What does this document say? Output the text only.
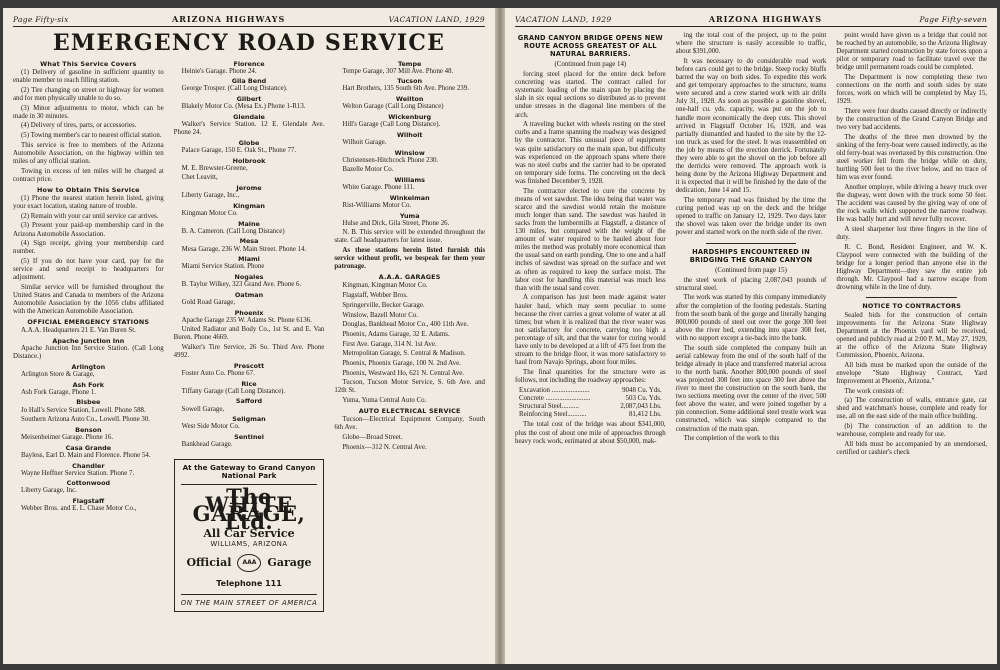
Page Fifty-six	ARIZONA HIGHWAYS	VACATION LAND, 1929
EMERGENCY ROAD SERVICE
What This Service Covers

(1) Delivery of gasoline in sufficient quantity to enable member to reach filling station.

(2) Tire changing on street or highway for women and for men physically unable to do so.

(3) Minor adjustments to motor, which can be made in 30 minutes.

(4) Delivery of tires, parts, or accessories.

(5) Towing member's car to nearest official station.

This service is free to members of the Arizona Automobile Association, on the highway within ten miles of any official station.

Towing in excess of ten miles will be charged at contract price.

How to Obtain This Service

(1) Phone the nearest station herein listed, giving your exact location, stating nature of trouble.

(2) Remain with your car until service car arrives.

(3) Present your paid-up membership card in the Arizona Automobile Association.

(4) Sign receipt, giving your membership card number.

(5) If you do not have your card, pay for the service and send receipt to headquarters for adjustment.

Similar service will be furnished throughout the United States and Canada to members of the Arizona Automobile Association by the 1056 clubs affiliated with the American Automobile Association.

OFFICIAL EMERGENCY STATIONS

A.A.A. Headquarters 21 E. Van Buren St.

Apache Junction Inn

Apache Junction Inn Service Station. (Call Long Distance.)

Arlington

Arlington Store & Garage,

Ash Fork

Ash Fork Garage, Phone 1.

Bisbee

Jo Hall's Service Station, Lowell. Phone 588.

Southern Arizona Auto Co., Lowell. Phone 30.

Benson

Meisenheimer Garage. Phone 16.

Casa Grande

Bayless, Earl D. Main and Florence. Phone 54.

Chandler

Wayne Heffner Service Station. Phone 7.

Cottonwood

Liberty Garage, Inc.

Flagstaff

Webber Bros. and E. L. Chase Motor Co.,

Florence

Heinie's Garage. Phone 24.

Gila Bend

George Trosper. (Call Long Distance).

Gilbert

Blakely Motor Co. (Mesa Ex.) Phone 1-R13.

Glendale

Walker's Service Station. 12 E. Glendale Ave. Phone 24.

Globe

Palace Garage, 150 E. Oak St., Phone 77.

Holbrook

M. E. Brewster-Greene,

Chet Leavitt,

Jerome

Liberty Garage, Inc.,

Kingman

Kingman Motor Co.

Maine

B. A. Cameron. (Call Long Distance)

Mesa

Mesa Garage, 236 W. Main Street. Phone 14.

Miami

Miami Service Station. Phone

Nogales

B. Taylor Wilkey, 323 Grand Ave. Phone 6.

Oatman

Gold Road Garage,

Phoenix

Apache Garage 235 W. Adams St. Phone 6136.

United Radiator and Body Co., 1st St. and E. Van Buren. Phone 4669.

Walker's Tire Service, 26 So. Third Ave. Phone 4992.

Prescott

Foster Auto Co. Phone 67.

Rice

Tiffany Garage (Call Long Distance).

Safford

Sowell Garage,

Seligman

West Side Motor Co.

Sentinel

Bankhead Garage.

At the Gateway to Grand Canyon National Park
The WHITE GARAGE, Ltd.
All Car Service
WILLIAMS, ARIZONA
Official	AAA	Garage
Telephone 111
ON THE MAIN STREET OF AMERICA
Tempe

Tempe Garage, 307 Mill Ave. Phone 48.

Tucson

Hart Brothers, 135 South 6th Ave. Phone 239.

Wellton

Welton Garage (Call Long Distance)

Wickenburg

Hill's Garage (Call Long Distance).

Wilhoit

Wilhoit Garage.

Winslow

Christensen-Hitchcock Phone 230.

Bazelle Motor Co.

Williams

White Garage. Phone 111.

Winkelman

Rist-Williams Motor Co.

Yuma

Hulse and Dick, Gila Street, Phone 26.

N. B. This service will be extended throughout the state. Call headquarters for latest issue.

As these stations herein listed furnish this service without profit, we bespeak for them your patronage.

A.A.A. GARAGES

Kingman, Kingman Motor Co.

Flagstaff, Webber Bros.

Springerville, Becker Garage.

Winslow, Bazell Motor Co.

Douglas, Bankhead Motor Co., 400 11th Ave.

Phoenix, Adams Garage, 32 E. Adams.

First Ave. Garage, 314 N. 1st Ave.

Metropolitan Garage, S. Central & Madison.

Phoenix, Phoenix Garage, 100 N. 2nd Ave.

Phoenix, Westward Ho, 621 N. Central Ave.

Tucson, Tucson Motor Service, S. 6th Ave. and 12th St.

Yuma, Yuma Central Auto Co.

AUTO ELECTRICAL SERVICE

Tucson—Electrical Equipment Company, South 6th Ave.

Globe—Broad Street.

Phoenix—312 N. Central Ave.

VACATION LAND, 1929	ARIZONA HIGHWAYS	Page Fifty-seven
GRAND CANYON BRIDGE OPENS NEW ROUTE ACROSS GREATEST OF ALL NATURAL BARRIERS.
(Continued from page 14)

forcing steel placed for the entire deck before concreting was started. The contract called for systematic loading of the main span by placing the slab in six equal sections so distributed as to prevent undue stresses in the diagonal line members of the arch.

A traveling bucket with wheels resting on the steel curbs and a frame spanning the roadway was designed by the contractor. This unusual piece of equipment was quite satisfactory on the main span, but difficulty was experienced on the approach spans where there was no steel curbs and the carrier had to be operated on temporary side forms. The concreting on the deck was finished December 9, 1928.

The contractor elected to cure the concrete by means of wet sawdust. The idea being that water was scarce and the sawdust would retain the moisture much longer than sand. The sawdust was hauled in sacks from the lumbermills at Flagstaff, a distance of 130 miles, but compared with the weight of the amount of water required to be hauled about four miles the method was probably more economical than the usual sand on earth ponding. One to one and a half inches of sawdust was spread on the surface and wet as often as required to keep the surface moist. The labor cost for handling this material was much less than with the usual sand cover.

A comparison has just been made against water hauler haul, which may seem peculiar to some because the river carries a great volume of water at all times; but when it is realized that the river water was not satisfactory for concrete, carrying too high a percentage of silt, and that the water for curing would have only to be developed at a lift of 475 feet from the stream to the bridge floor, it was more satisfactory to haul from Navajo Springs, about four miles.

The final quantities for the structure were as follows, not including the roadway approaches:

Excavation ......................	9048 Cu. Yds.
Concrete ..........................	503 Cu. Yds.
Structural Steel..........	2,087,043 Lbs.
Reinforcing Steel...........	81,412 Lbs.

The total cost of the bridge was about $341,000, plus the cost of about one mile of approaches through heavy rock work, estimated at about $50,000, mak-

ing the total cost of the project, up to the point where the structure is easily accessible to traffic, about $391,000.

It was necessary to do considerable road work before cars could get to the bridge. Steep rocky bluffs barred the way on both sides. To expedite this work and get temporary approaches to the structure, teams were secured and a crew started work with air drills July 31, 1928. As soon as possible a gasoline shovel, one-half cu. yds. capacity, was put on the job to handle more economically the deep cuts. This shovel arrived in Flagstaff October 16, 1928, and was partially dismantled and hauled to the site by the 12-ton truck as used for the steel. It was reassembled on the job by means of the erection derrick. Fortunately they were able to get the shovel on the job before all the derricks were removed. The approach work is being done by the Arizona Highway Department and it is expected that it will be finished by the date of the dedication, June 14 and 15.

The temporary road was finished by the time the curing period was up on the deck and the bridge opened to traffic on January 12, 1929. Two days later the shovel was taken over the bridge under its own power and started work on the north side of the river.

HARDSHIPS ENCOUNTERED IN BRIDGING THE GRAND CANYON
(Continued from page 15)

the steel work of placing 2,087,043 pounds of structural steel.

The work was started by this company immediately after the completion of the footing pedestals. Starting from the south bank of the gorge and literally hanging 800,000 pounds of steel out over the gorge 300 feet above the river bed, extending into space 308 feet, with no support except a tie-back into the bank.

The south side completed the company built an aerial cableway from the end of the south half of the bridge already in place and transferred material across to the north bank. Another 800,000 pounds of steel was projected 308 feet into space 300 feet above the river to meet the construction on the south bank, the two sections meeting over the center of the river, 500 feet above the water, and were joined together by a pin connection. Some additional steel trestle work was constructed, which was simple compared to the construction of the main span.

The completion of the work to this

point would have given us a bridge that could not be reached by an automobile, so the Arizona Highway Department started construction by state forces upon a pilot or temporary road to facilitate travel over the bridge until permanent roads could be completed.

The Department is now completing these two connections on the north and south sides by state forces, work on which will be completed by May 15, 1929.

There were four deaths caused directly or indirectly by the construction of the Grand Canyon Bridge and two very bad accidents.

The deaths of the three men drowned by the sinking of the ferry-boat were caused indirectly, as the old ferry-boat was overtaxed by this construction. One steel worker fell from the bridge while on duty, hurtling 500 feet to the river below, and no trace of him was ever found.

Another employe, while driving a heavy truck over the dugway, went down with the truck some 50 feet. The accident was caused by the giving way of one of the rock walls which supported the narrow roadway. He was badly hurt and will never fully recover.

A steel sharpener lost three fingers in the line of duty.

R. C. Bond, Resident Engineer, and W. K. Claypool were connected with the building of the bridge for a longer period than anyone else in the Highway Department—they saw the entire job through. Mr. Claypool had a narrow escape from drowning while in the line of duty.

NOTICE TO CONTRACTORS

Sealed bids for the construction of certain improvements for the Arizona State Highway Department at the Phoenix yard will be received, opened and publicly read at 2:00 P. M., May 27, 1929, at the office of the Arizona State Highway Commission, Phoenix, Arizona.

All bids must be marked upon the outside of the envelope "State Highway Contract, Yard Improvement at Phoenix, Arizona."

The work consists of:

(a) The construction of walls, entrance gate, car shed and watchman's house, complete and ready for use, all on the east side of the main office building.

(b) The construction of an addition to the warehouse, complete and ready for use.

All bids must be accompanied by an unendorsed, certified or cashier's check
